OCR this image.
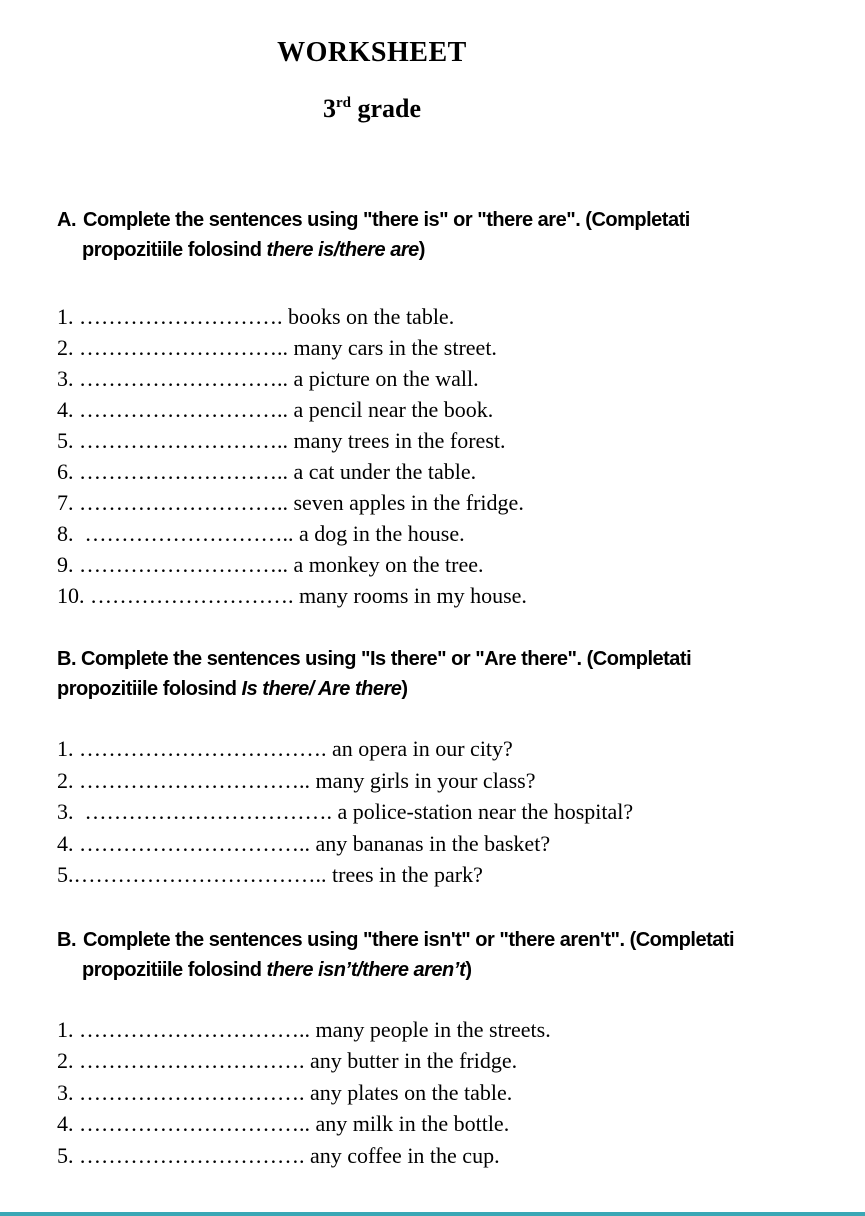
WORKSHEET
3rd grade

A. Complete the sentences using "there is" or "there are". (Completati
propozitiile folosind there is/there are)

1. ………………………. books on the table.
2. ……………………….. many cars in the street.
3. ……………………….. a picture on the wall.
4. ……………………….. a pencil near the book.
5. ……………………….. many trees in the forest.
6. ……………………….. a cat under the table.
7. ……………………….. seven apples in the fridge.
8.  ……………………….. a dog in the house.
9. ……………………….. a monkey on the tree.
10. ………………………. many rooms in my house.

B. Complete the sentences using "Is there" or "Are there". (Completati
propozitiile folosind Is there/ Are there)

1. ……………………………. an opera in our city?
2. ………………………….. many girls in your class?
3.  ……………………………. a police-station near the hospital?
4. ………………………….. any bananas in the basket?
5.…………………………….. trees in the park?

B. Complete the sentences using "there isn't" or "there aren't". (Completati
propozitiile folosind there isn’t/there aren’t)

1. ………………………….. many people in the streets.
2. …………………………. any butter in the fridge.
3. …………………………. any plates on the table.
4. ………………………….. any milk in the bottle.
5. …………………………. any coffee in the cup.
